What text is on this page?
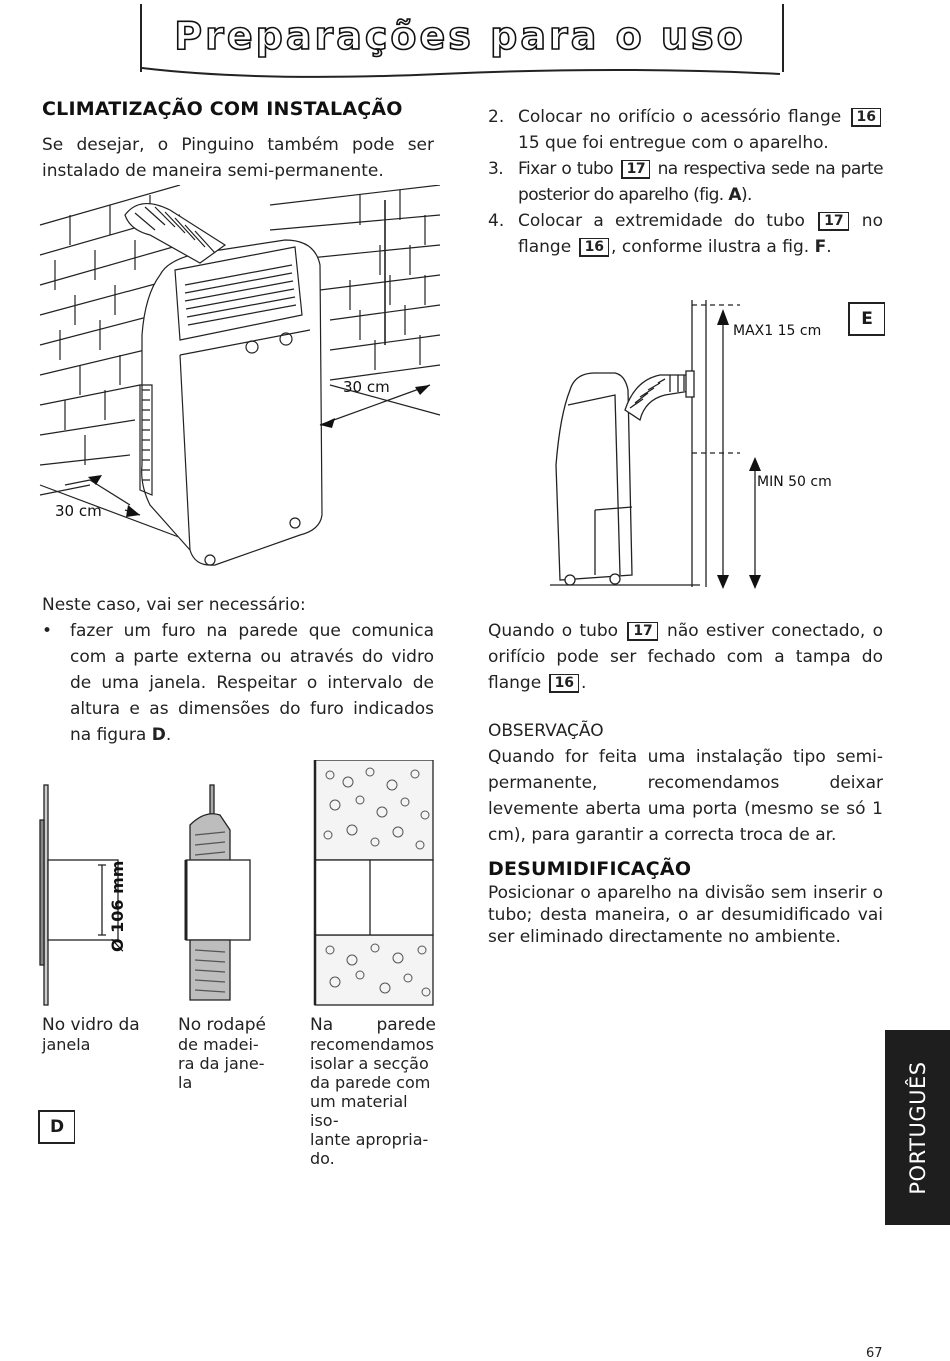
Preparações para o uso
CLIMATIZAÇÃO COM INSTALAÇÃO

Se desejar, o Pinguino também pode ser instalado de maneira semi-permanente.

30 cm
30 cm

Neste caso, vai ser necessário:

•	fazer um furo na parede que comunica com a parte externa ou através do vidro de uma janela. Respeitar o intervalo de altura e as dimensões do furo indicados na figura D.
Ø 106 mm
No vidro da
janela
No rodapé
de madei-
ra da jane-
la
Na	parede
recomendamos
isolar a secção
da parede com
um material iso-
lante apropria-
do.
D
2. Colocar no orifício o acessório flange 16 15 que foi entregue com o aparelho.
3. Fixar o tubo 17 na respectiva sede na parte posterior do aparelho (fig. A).
4. Colocar a extremidade do tubo 17 no flange 16 , conforme ilustra a fig. F.
MAX1 15 cm
MIN 50 cm
E
Quando o tubo 17 não estiver conectado, o orifício pode ser fechado com a tampa do flange 16 .
OBSERVAÇÃO

Quando for feita uma instalação tipo semi-permanente, recomendamos deixar levemente aberta uma porta (mesmo se só 1 cm), para garantir a correcta troca de ar.

DESUMIDIFICAÇÃO

Posicionar o aparelho na divisão sem inserir o tubo; desta maneira, o ar desumidificado vai ser eliminado directamente no ambiente.

PORTUGUÊS
67
